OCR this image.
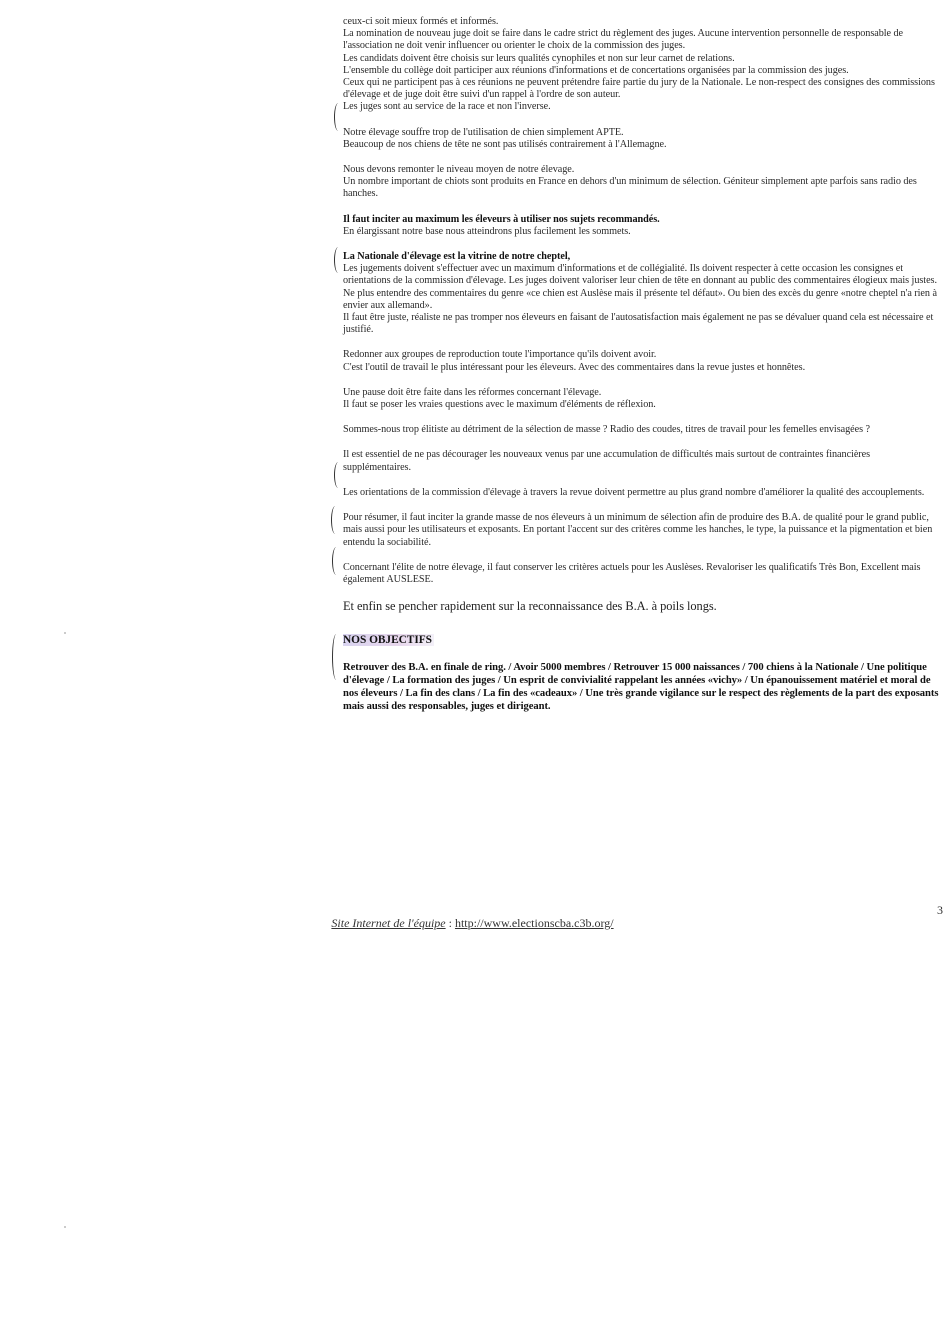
ceux-ci soit mieux formés et informés.

La nomination de nouveau juge doit se faire dans le cadre strict du règlement des juges. Aucune intervention personnelle de responsable de l'association ne doit venir influencer ou orienter le choix de la commission des juges.

Les candidats doivent être choisis sur leurs qualités cynophiles et non sur leur carnet de relations.

L'ensemble du collège doit participer aux réunions d'informations et de concertations organisées par la commission des juges.

Ceux qui ne participent pas à ces réunions ne peuvent prétendre faire partie du jury de la Nationale. Le non-respect des consignes des commissions d'élevage et de juge doit être suivi d'un rappel à l'ordre de son auteur.

Les juges sont au service de la race et non l'inverse.

Notre élevage souffre trop de l'utilisation de chien simplement APTE.

Beaucoup de nos chiens de tête ne sont pas utilisés contrairement à l'Allemagne.

Nous devons remonter le niveau moyen de notre élevage.

Un nombre important de chiots sont produits en France en dehors d'un minimum de sélection. Géniteur simplement apte parfois sans radio des hanches.

Il faut inciter au maximum les éleveurs à utiliser nos sujets recommandés.

En élargissant notre base nous atteindrons plus facilement les sommets.

La Nationale d'élevage est la vitrine de notre cheptel,

Les jugements doivent s'effectuer avec un maximum d'informations et de collégialité. Ils doivent respecter à cette occasion les consignes et orientations de la commission d'élevage. Les juges doivent valoriser leur chien de tête en donnant au public des commentaires élogieux mais justes.

Ne plus entendre des commentaires du genre «ce chien est Auslèse mais il présente tel défaut». Ou bien des excès du genre «notre cheptel n'a rien à envier aux allemand».

Il faut être juste, réaliste ne pas tromper nos éleveurs en faisant de l'autosatisfaction mais également ne pas se dévaluer quand cela est nécessaire et justifié.

Redonner aux groupes de reproduction toute l'importance qu'ils doivent avoir.

C'est l'outil de travail le plus intéressant pour les éleveurs. Avec des commentaires dans la revue justes et honnêtes.

Une pause doit être faite dans les réformes concernant l'élevage.

Il faut se poser les vraies questions avec le maximum d'éléments de réflexion.

Sommes-nous trop élitiste au détriment de la sélection de masse ? Radio des coudes, titres de travail pour les femelles envisagées ?

Il est essentiel de ne pas décourager les nouveaux venus par une accumulation de difficultés mais surtout de contraintes financières supplémentaires.

Les orientations de la commission d'élevage à travers la revue doivent permettre au plus grand nombre d'améliorer la qualité des accouplements.

Pour résumer, il faut inciter la grande masse de nos éleveurs à un minimum de sélection afin de produire des B.A. de qualité pour le grand public, mais aussi pour les utilisateurs et exposants. En portant l'accent sur des critères comme les hanches, le type, la puissance et la pigmentation et bien entendu la sociabilité.

Concernant l'élite de notre élevage, il faut conserver les critères actuels pour les Auslèses. Revaloriser les qualificatifs Très Bon, Excellent mais également AUSLESE.

Et enfin se pencher rapidement sur la reconnaissance des B.A. à poils longs.

NOS OBJECTIFS

Retrouver des B.A. en finale de ring. / Avoir 5000 membres / Retrouver 15 000 naissances / 700 chiens à la Nationale / Une politique d'élevage / La formation des juges / Un esprit de convivialité rappelant les années «vichy» / Un épanouissement matériel et moral de nos éleveurs / La fin des clans / La fin des «cadeaux» / Une très grande vigilance sur le respect des règlements de la part des exposants mais aussi des responsables, juges et dirigeant.

3
Site Internet de l'équipe : http://www.electionscba.c3b.org/
